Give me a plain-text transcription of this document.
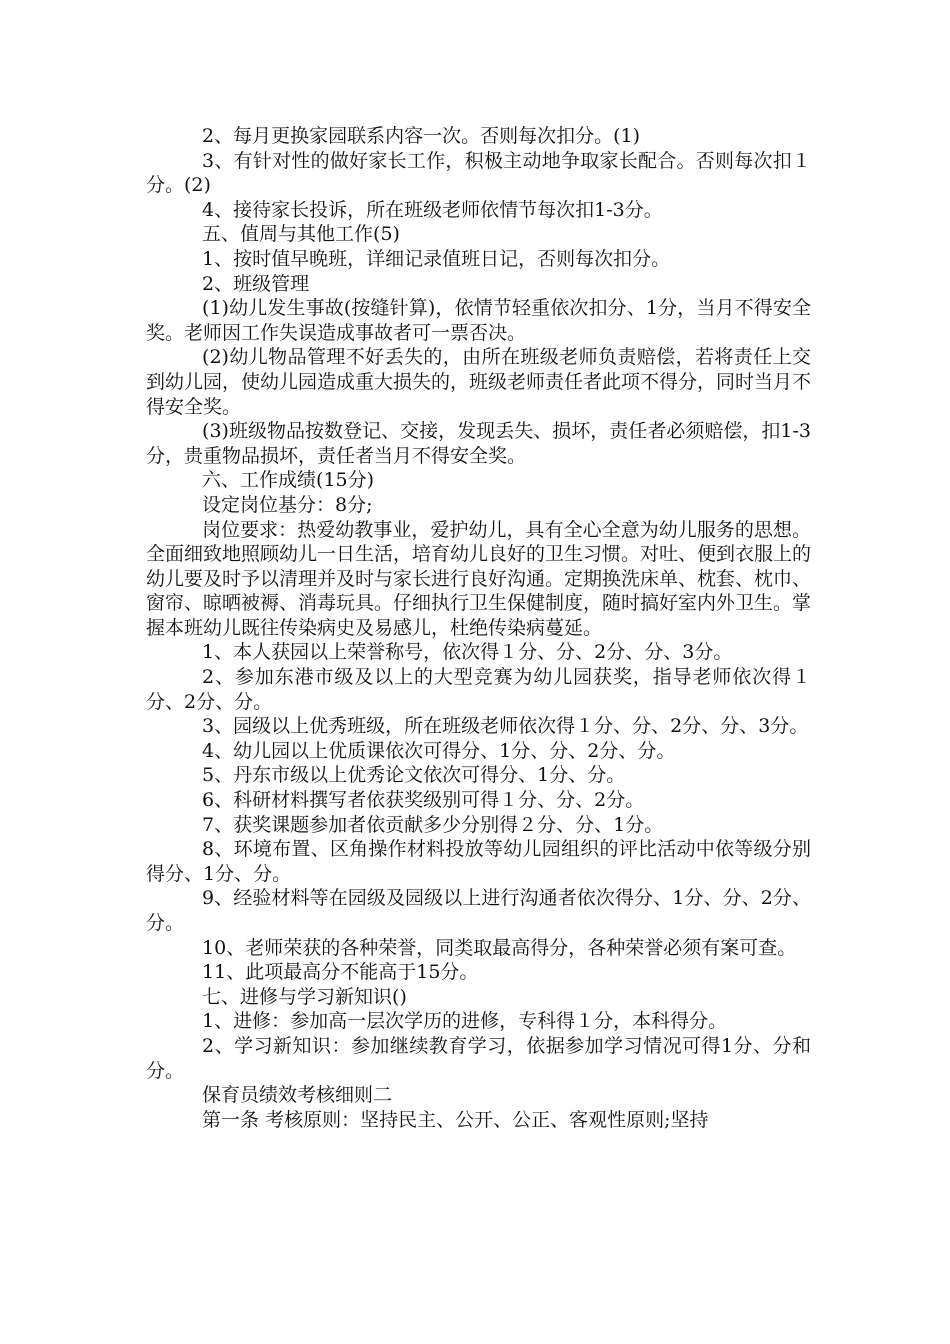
2、每月更换家园联系内容一次。否则每次扣分。(1)

3、有针对性的做好家长工作，积极主动地争取家长配合。否则每次扣１分。(2)

4、接待家长投诉，所在班级老师依情节每次扣1-3分。

五、值周与其他工作(5)

1、按时值早晚班，详细记录值班日记，否则每次扣分。

2、班级管理

(1)幼儿发生事故(按缝针算)，依情节轻重依次扣分、1分，当月不得安全奖。老师因工作失误造成事故者可一票否决。

(2)幼儿物品管理不好丢失的，由所在班级老师负责赔偿，若将责任上交到幼儿园，使幼儿园造成重大损失的，班级老师责任者此项不得分，同时当月不得安全奖。

(3)班级物品按数登记、交接，发现丢失、损坏，责任者必须赔偿，扣1-3分，贵重物品损坏，责任者当月不得安全奖。

六、工作成绩(15分)

设定岗位基分：8分;

岗位要求：热爱幼教事业，爱护幼儿，具有全心全意为幼儿服务的思想。全面细致地照顾幼儿一日生活，培育幼儿良好的卫生习惯。对吐、便到衣服上的幼儿要及时予以清理并及时与家长进行良好沟通。定期换洗床单、枕套、枕巾、窗帘、晾晒被褥、消毒玩具。仔细执行卫生保健制度，随时搞好室内外卫生。掌握本班幼儿既往传染病史及易感儿，杜绝传染病蔓延。

1、本人获园以上荣誉称号，依次得１分、分、2分、分、3分。

2、参加东港市级及以上的大型竞赛为幼儿园获奖，指导老师依次得１分、2分、分。

3、园级以上优秀班级，所在班级老师依次得１分、分、2分、分、3分。

4、幼儿园以上优质课依次可得分、1分、分、2分、分。

5、丹东市级以上优秀论文依次可得分、1分、分。

6、科研材料撰写者依获奖级别可得１分、分、2分。

7、获奖课题参加者依贡献多少分别得２分、分、1分。

8、环境布置、区角操作材料投放等幼儿园组织的评比活动中依等级分别得分、1分、分。

9、经验材料等在园级及园级以上进行沟通者依次得分、1分、分、2分、分。

10、老师荣获的各种荣誉，同类取最高得分，各种荣誉必须有案可查。

11、此项最高分不能高于15分。

七、进修与学习新知识()

1、进修：参加高一层次学历的进修，专科得１分，本科得分。

2、学习新知识：参加继续教育学习，依据参加学习情况可得1分、分和分。

保育员绩效考核细则二

第一条 考核原则：坚持民主、公开、公正、客观性原则;坚持
